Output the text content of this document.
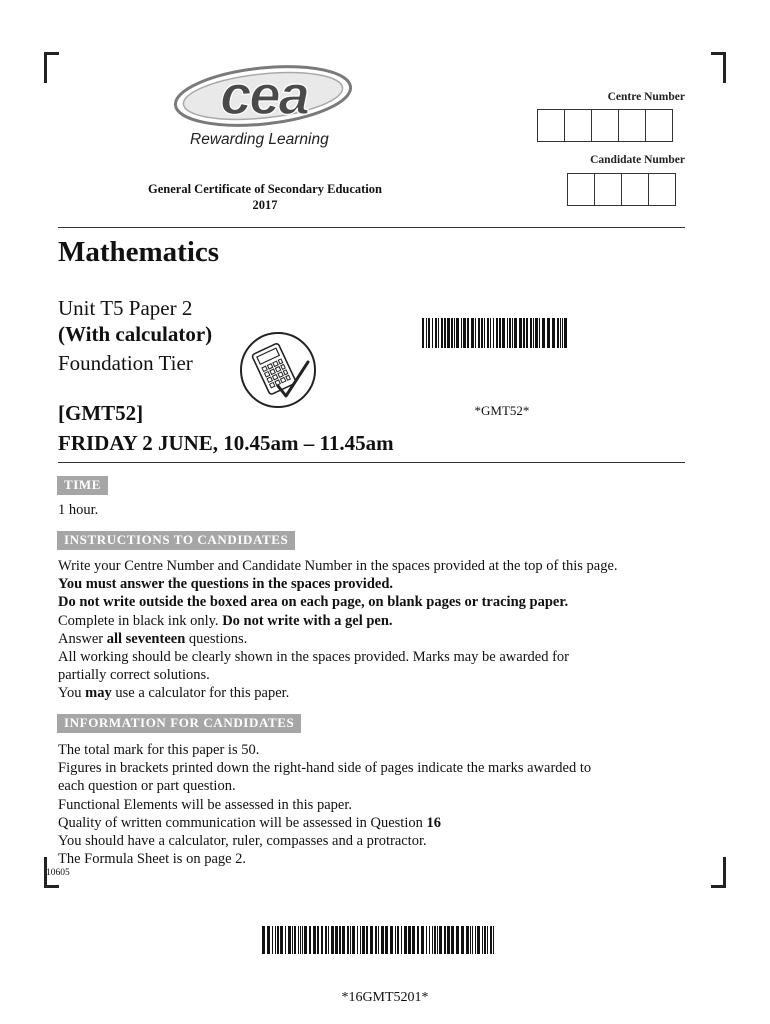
cea
Rewarding Learning
Centre Number
Candidate Number
General Certificate of Secondary Education
2017
Mathematics
Unit T5 Paper 2
(With calculator)
Foundation Tier
*GMT52*
[GMT52]
FRIDAY 2 JUNE, 10.45am – 11.45am
TIME
1 hour.
INSTRUCTIONS TO CANDIDATES
Write your Centre Number and Candidate Number in the spaces provided at the top of this page.
You must answer the questions in the spaces provided.
Do not write outside the boxed area on each page, on blank pages or tracing paper.
Complete in black ink only. Do not write with a gel pen.
Answer all seventeen questions.
All working should be clearly shown in the spaces provided. Marks may be awarded for
partially correct solutions.
You may use a calculator for this paper.
INFORMATION FOR CANDIDATES
The total mark for this paper is 50.
Figures in brackets printed down the right-hand side of pages indicate the marks awarded to
each question or part question.
Functional Elements will be assessed in this paper.
Quality of written communication will be assessed in Question 16
You should have a calculator, ruler, compasses and a protractor.
The Formula Sheet is on page 2.
10605
*16GMT5201*
